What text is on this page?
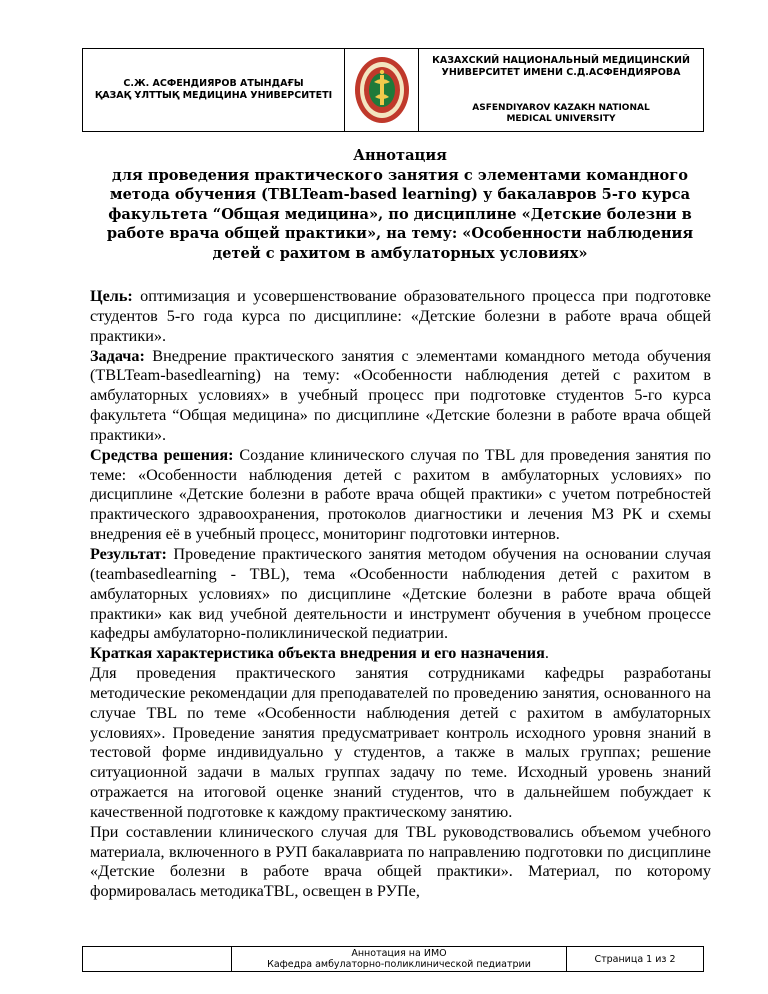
С.Ж. АСФЕНДИЯРОВ АТЫНДАҒЫ
ҚАЗАҚ ҰЛТТЫҚ МЕДИЦИНА УНИВЕРСИТЕТІ
КАЗАХСКИЙ НАЦИОНАЛЬНЫЙ МЕДИЦИНСКИЙ
УНИВЕРСИТЕТ ИМЕНИ С.Д.АСФЕНДИЯРОВА
ASFENDIYAROV KAZAKH NATIONAL
MEDICAL UNIVERSITY
Аннотация
для проведения практического занятия с элементами командного метода обучения (TBLTeam-based learning) у бакалавров 5-го курса факультета “Общая медицина», по дисциплине «Детские болезни в работе врача общей практики», на тему: «Особенности наблюдения детей с рахитом в амбулаторных условиях»

Цель: оптимизация и усовершенствование образовательного процесса при подготовке студентов 5-го года курса по дисциплине: «Детские болезни в работе врача общей практики».

Задача: Внедрение практического занятия с элементами командного метода обучения (TBLTeam-basedlearning) на тему: «Особенности наблюдения детей с рахитом в амбулаторных условиях» в учебный процесс при подготовке студентов 5-го курса факультета “Общая медицина» по дисциплине «Детские болезни в работе врача общей практики».

Средства решения: Создание клинического случая по TBL для проведения занятия по теме: «Особенности наблюдения детей с рахитом в амбулаторных условиях» по дисциплине «Детские болезни в работе врача общей практики» с учетом потребностей практического здравоохранения, протоколов диагностики и лечения МЗ РК и схемы внедрения её в учебный процесс, мониторинг подготовки интернов.

Результат: Проведение практического занятия методом обучения на основании случая (teambasedlearning - TBL), тема «Особенности наблюдения детей с рахитом в амбулаторных условиях» по дисциплине «Детские болезни в работе врача общей практики» как вид учебной деятельности и инструмент обучения в учебном процессе кафедры амбулаторно-поликлинической педиатрии.

Краткая характеристика объекта внедрения и его назначения.

Для проведения практического занятия сотрудниками кафедры разработаны методические рекомендации для преподавателей по проведению занятия, основанного на случае TBL по теме «Особенности наблюдения детей с рахитом в амбулаторных условиях». Проведение занятия предусматривает контроль исходного уровня знаний в тестовой форме индивидуально у студентов, а также в малых группах; решение ситуационной задачи в малых группах задачу по теме. Исходный уровень знаний отражается на итоговой оценке знаний студентов, что в дальнейшем побуждает к качественной подготовке к каждому практическому занятию.

При составлении клинического случая для TBL руководствовались объемом учебного материала, включенного в РУП бакалавриата по направлению подготовки по дисциплине «Детские болезни в работе врача общей практики». Материал, по которому формировалась методикаTBL, освещен в РУПе,

Аннотация на ИМО
Кафедра амбулаторно-поликлинической педиатрии	Страница 1 из 2
